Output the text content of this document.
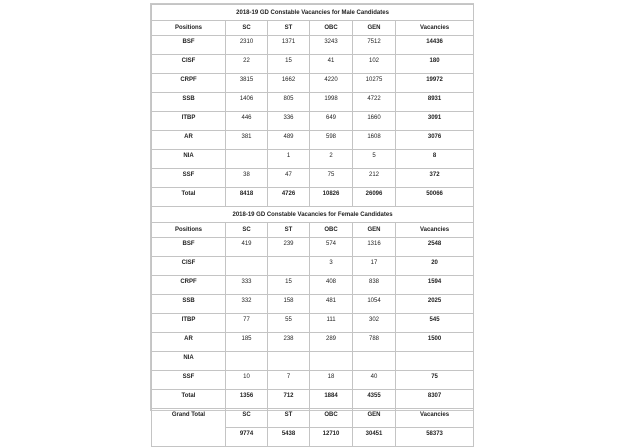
2018-19 GD Constable Vacancies for Male Candidates					
Positions	SC	ST	OBC	GEN	Vacancies
BSF	2310	1371	3243	7512	14436
CISF	22	15	41	102	180
CRPF	3815	1662	4220	10275	19972
SSB	1406	805	1998	4722	8931
ITBP	446	336	649	1660	3091
AR	381	489	598	1608	3076
NIA		1	2	5	8
SSF	38	47	75	212	372
Total	8418	4726	10826	26096	50066
2018-19 GD Constable Vacancies for Female Candidates					
Positions	SC	ST	OBC	GEN	Vacancies
BSF	419	239	574	1316	2548
CISF			3	17	20
CRPF	333	15	408	838	1594
SSB	332	158	481	1054	2025
ITBP	77	55	111	302	545
AR	185	238	289	788	1500
NIA					
SSF	10	7	18	40	75
Total	1356	712	1884	4355	8307
Grand Total	SC	ST	OBC	GEN	Vacancies
	9774	5438	12710	30451	58373
